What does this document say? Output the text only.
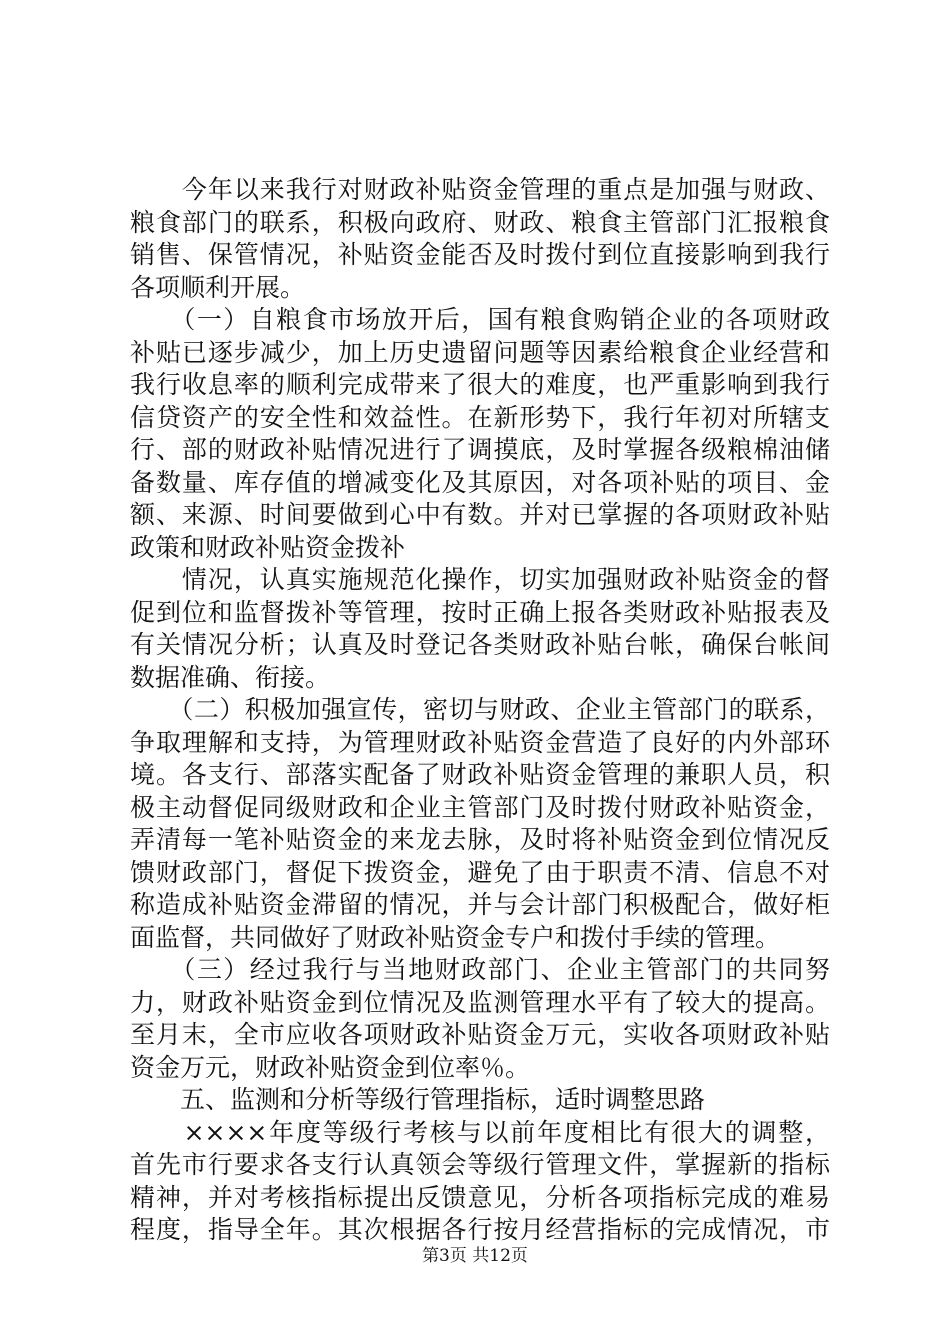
　　今年以来我行对财政补贴资金管理的重点是加强与财政、
粮食部门的联系，积极向政府、财政、粮食主管部门汇报粮食
销售、保管情况，补贴资金能否及时拨付到位直接影响到我行
各项顺利开展。
　　（一）自粮食市场放开后，国有粮食购销企业的各项财政
补贴已逐步减少，加上历史遗留问题等因素给粮食企业经营和
我行收息率的顺利完成带来了很大的难度，也严重影响到我行
信贷资产的安全性和效益性。在新形势下，我行年初对所辖支
行、部的财政补贴情况进行了调摸底，及时掌握各级粮棉油储
备数量、库存值的增减变化及其原因，对各项补贴的项目、金
额、来源、时间要做到心中有数。并对已掌握的各项财政补贴
政策和财政补贴资金拨补
　　情况，认真实施规范化操作，切实加强财政补贴资金的督
促到位和监督拨补等管理，按时正确上报各类财政补贴报表及
有关情况分析；认真及时登记各类财政补贴台帐，确保台帐间
数据准确、衔接。
　　（二）积极加强宣传，密切与财政、企业主管部门的联系，
争取理解和支持，为管理财政补贴资金营造了良好的内外部环
境。各支行、部落实配备了财政补贴资金管理的兼职人员，积
极主动督促同级财政和企业主管部门及时拨付财政补贴资金，
弄清每一笔补贴资金的来龙去脉，及时将补贴资金到位情况反
馈财政部门，督促下拨资金，避免了由于职责不清、信息不对
称造成补贴资金滞留的情况，并与会计部门积极配合，做好柜
面监督，共同做好了财政补贴资金专户和拨付手续的管理。
　　（三）经过我行与当地财政部门、企业主管部门的共同努
力，财政补贴资金到位情况及监测管理水平有了较大的提高。
至月末，全市应收各项财政补贴资金万元，实收各项财政补贴
资金万元，财政补贴资金到位率％。
　　五、监测和分析等级行管理指标，适时调整思路
　　××××年度等级行考核与以前年度相比有很大的调整，
首先市行要求各支行认真领会等级行管理文件，掌握新的指标
精神，并对考核指标提出反馈意见，分析各项指标完成的难易
程度，指导全年。其次根据各行按月经营指标的完成情况，市
第3页 共12页
